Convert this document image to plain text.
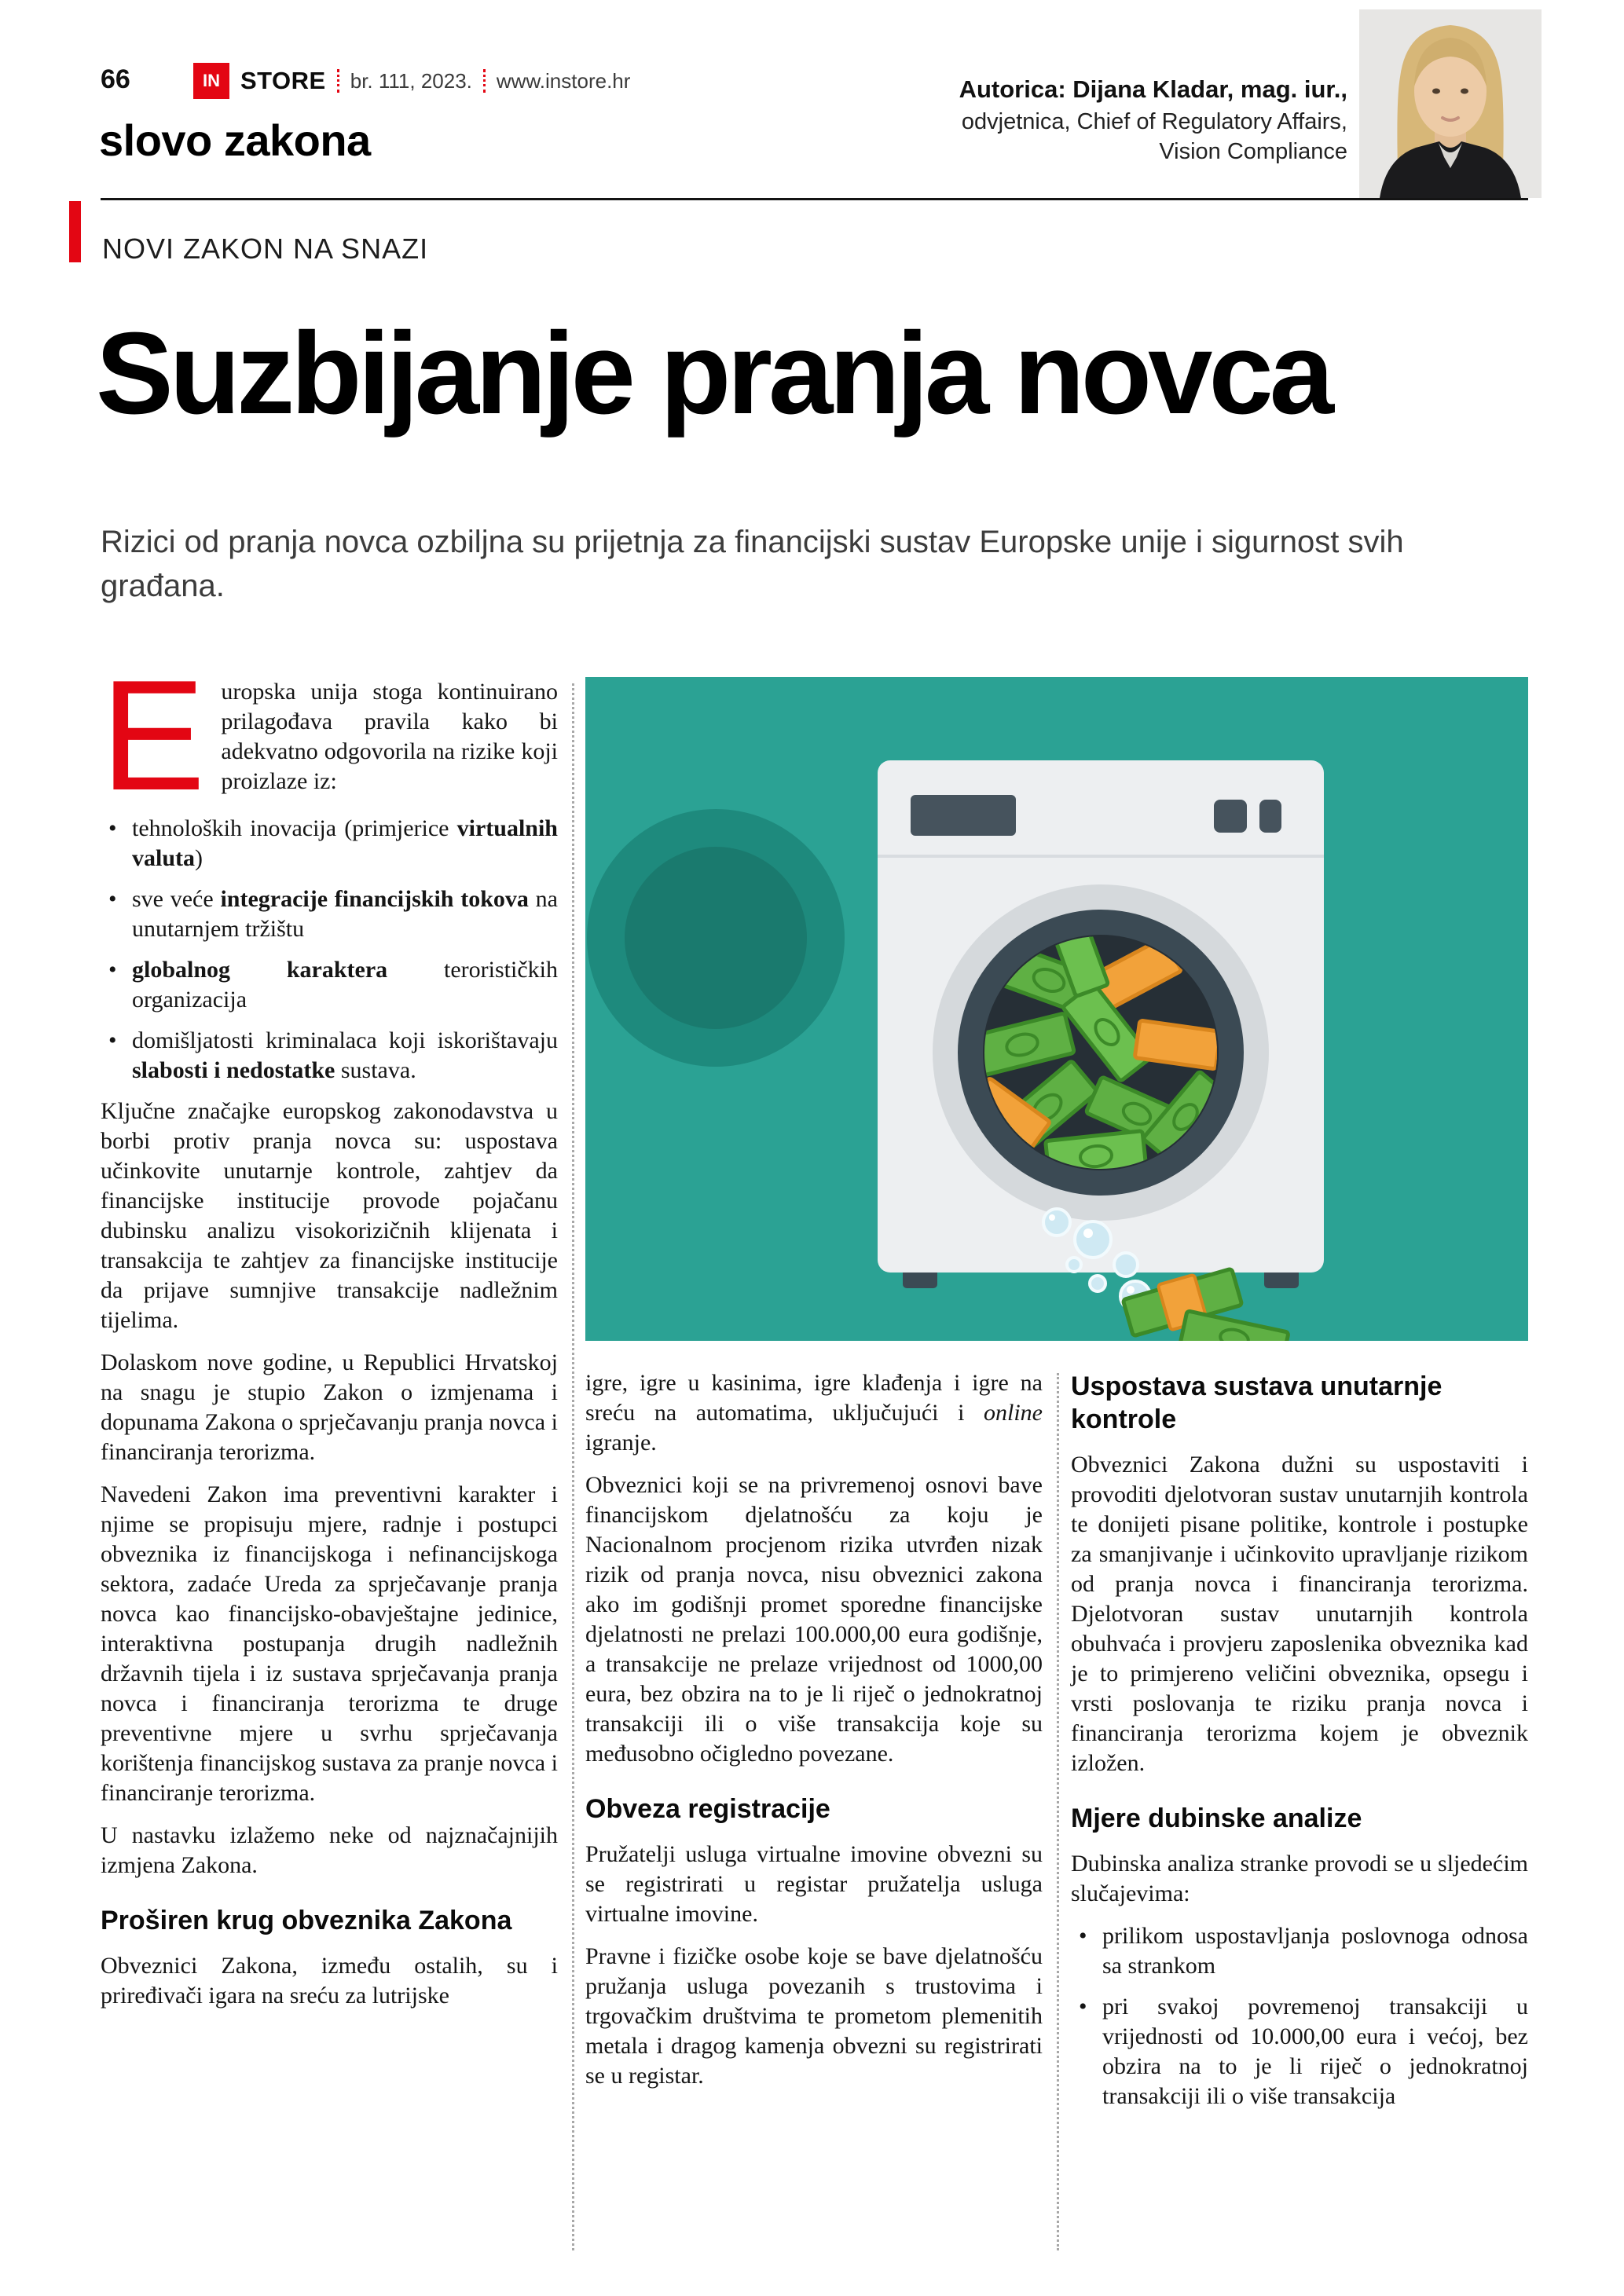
66	IN STORE br. 111, 2023. www.instore.hr
slovo zakona
Autorica: Dijana Kladar, mag. iur.,
odvjetnica, Chief of Regulatory Affairs,
Vision Compliance
NOVI ZAKON NA SNAZI
Suzbijanje pranja novca

Rizici od pranja novca ozbiljna su prijetnja za financijski sustav Europske unije i sigurnost svih građana.

E uropska unija stoga kontinuirano prilagođava pravila kako bi adekvatno odgovorila na rizike koji proizlaze iz:

• tehnoloških inovacija (primjerice virtualnih valuta)
• sve veće integracije financijskih tokova na unutarnjem tržištu
• globalnog karaktera terorističkih organizacija
• domišljatosti kriminalaca koji iskorištavaju slabosti i nedostatke sustava.

Ključne značajke europskog zakonodavstva u borbi protiv pranja novca su: uspostava učinkovite unutarnje kontrole, zahtjev da financijske institucije provode pojačanu dubinsku analizu visokorizičnih klijenata i transakcija te zahtjev za financijske institucije da prijave sumnjive transakcije nadležnim tijelima.

Dolaskom nove godine, u Republici Hrvatskoj na snagu je stupio Zakon o izmjenama i dopunama Zakona o sprječavanju pranja novca i financiranja terorizma.

Navedeni Zakon ima preventivni karakter i njime se propisuju mjere, radnje i postupci obveznika iz financijskoga i nefinancijskoga sektora, zadaće Ureda za sprječavanje pranja novca kao financijsko-obavještajne jedinice, interaktivna postupanja drugih nadležnih državnih tijela i iz sustava sprječavanja pranja novca i financiranja terorizma te druge preventivne mjere u svrhu sprječavanja korištenja financijskog sustava za pranje novca i financiranje terorizma.

U nastavku izlažemo neke od najznačajnijih izmjena Zakona.

Proširen krug obveznika Zakona

Obveznici Zakona, između ostalih, su i priređivači igara na sreću za lutrijske

igre, igre u kasinima, igre klađenja i igre na sreću na automatima, uključujući i online igranje.

Obveznici koji se na privremenoj osnovi bave financijskom djelatnošću za koju je Nacionalnom procjenom rizika utvrđen nizak rizik od pranja novca, nisu obveznici zakona ako im godišnji promet sporedne financijske djelatnosti ne prelazi 100.000,00 eura godišnje, a transakcije ne prelaze vrijednost od 1000,00 eura, bez obzira na to je li riječ o jednokratnoj transakciji ili o više transakcija koje su međusobno očigledno povezane.

Obveza registracije

Pružatelji usluga virtualne imovine obvezni su se registrirati u registar pružatelja usluga virtualne imovine.

Pravne i fizičke osobe koje se bave djelatnošću pružanja usluga povezanih s trustovima i trgovačkim društvima te prometom plemenitih metala i dragog kamenja obvezni su registrirati se u registar.

Uspostava sustava unutarnje kontrole

Obveznici Zakona dužni su uspostaviti i provoditi djelotvoran sustav unutarnjih kontrola te donijeti pisane politike, kontrole i postupke za smanjivanje i učinkovito upravljanje rizikom od pranja novca i financiranja terorizma. Djelotvoran sustav unutarnjih kontrola obuhvaća i provjeru zaposlenika obveznika kad je to primjereno veličini obveznika, opsegu i vrsti poslovanja te riziku pranja novca i financiranja terorizma kojem je obveznik izložen.

Mjere dubinske analize

Dubinska analiza stranke provodi se u sljedećim slučajevima:

• prilikom uspostavljanja poslovnoga odnosa sa strankom
• pri svakoj povremenoj transakciji u vrijednosti od 10.000,00 eura i većoj, bez obzira na to je li riječ o jednokratnoj transakciji ili o više transakcija
